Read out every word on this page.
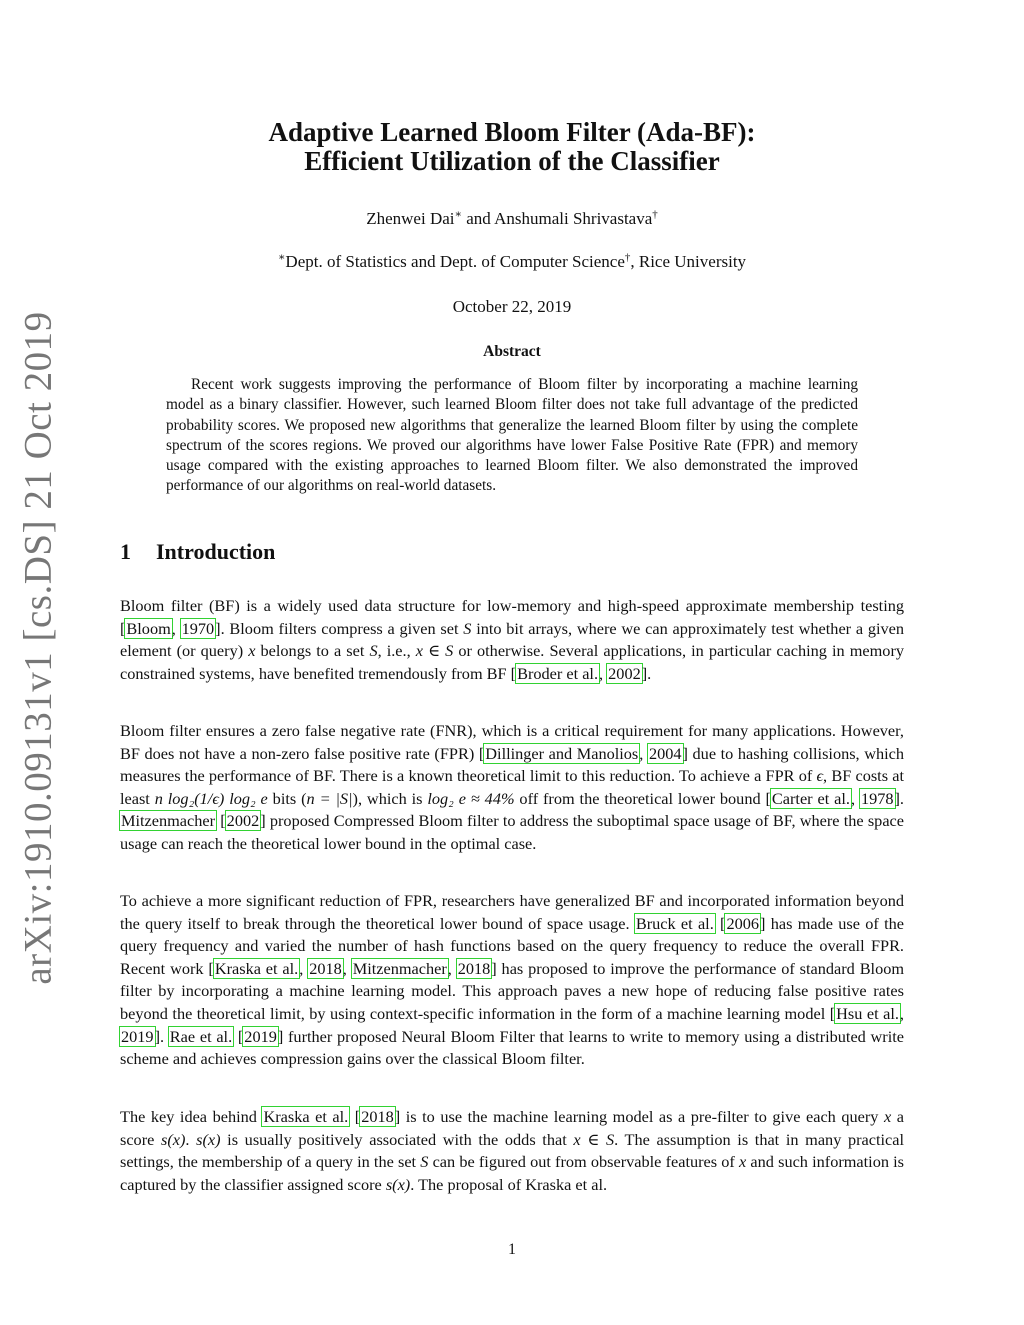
arXiv:1910.09131v1 [cs.DS] 21 Oct 2019
Adaptive Learned Bloom Filter (Ada-BF):
Efficient Utilization of the Classifier
Zhenwei Dai∗ and Anshumali Shrivastava†
∗Dept. of Statistics and Dept. of Computer Science†, Rice University
October 22, 2019
Abstract

Recent work suggests improving the performance of Bloom filter by incorporating a machine learning model as a binary classifier. However, such learned Bloom filter does not take full advantage of the predicted probability scores. We proposed new algorithms that generalize the learned Bloom filter by using the complete spectrum of the scores regions. We proved our algorithms have lower False Positive Rate (FPR) and memory usage compared with the existing approaches to learned Bloom filter. We also demonstrated the improved performance of our algorithms on real-world datasets.

1 Introduction

Bloom filter (BF) is a widely used data structure for low-memory and high-speed approximate membership testing [Bloom, 1970]. Bloom filters compress a given set S into bit arrays, where we can approximately test whether a given element (or query) x belongs to a set S, i.e., x ∈ S or otherwise. Several applications, in particular caching in memory constrained systems, have benefited tremendously from BF [Broder et al., 2002].

Bloom filter ensures a zero false negative rate (FNR), which is a critical requirement for many applications. However, BF does not have a non-zero false positive rate (FPR) [Dillinger and Manolios, 2004] due to hashing collisions, which measures the performance of BF. There is a known theoretical limit to this reduction. To achieve a FPR of ϵ, BF costs at least n log₂(1/ϵ) log₂ e bits (n = |S|), which is log₂ e ≈ 44% off from the theoretical lower bound [Carter et al., 1978]. Mitzenmacher [2002] proposed Compressed Bloom filter to address the suboptimal space usage of BF, where the space usage can reach the theoretical lower bound in the optimal case.

To achieve a more significant reduction of FPR, researchers have generalized BF and incorporated information beyond the query itself to break through the theoretical lower bound of space usage. Bruck et al. [2006] has made use of the query frequency and varied the number of hash functions based on the query frequency to reduce the overall FPR. Recent work [Kraska et al., 2018, Mitzenmacher, 2018] has proposed to improve the performance of standard Bloom filter by incorporating a machine learning model. This approach paves a new hope of reducing false positive rates beyond the theoretical limit, by using context-specific information in the form of a machine learning model [Hsu et al., 2019]. Rae et al. [2019] further proposed Neural Bloom Filter that learns to write to memory using a distributed write scheme and achieves compression gains over the classical Bloom filter.

The key idea behind Kraska et al. [2018] is to use the machine learning model as a pre-filter to give each query x a score s(x). s(x) is usually positively associated with the odds that x ∈ S. The assumption is that in many practical settings, the membership of a query in the set S can be figured out from observable features of x and such information is captured by the classifier assigned score s(x). The proposal of Kraska et al.

1
